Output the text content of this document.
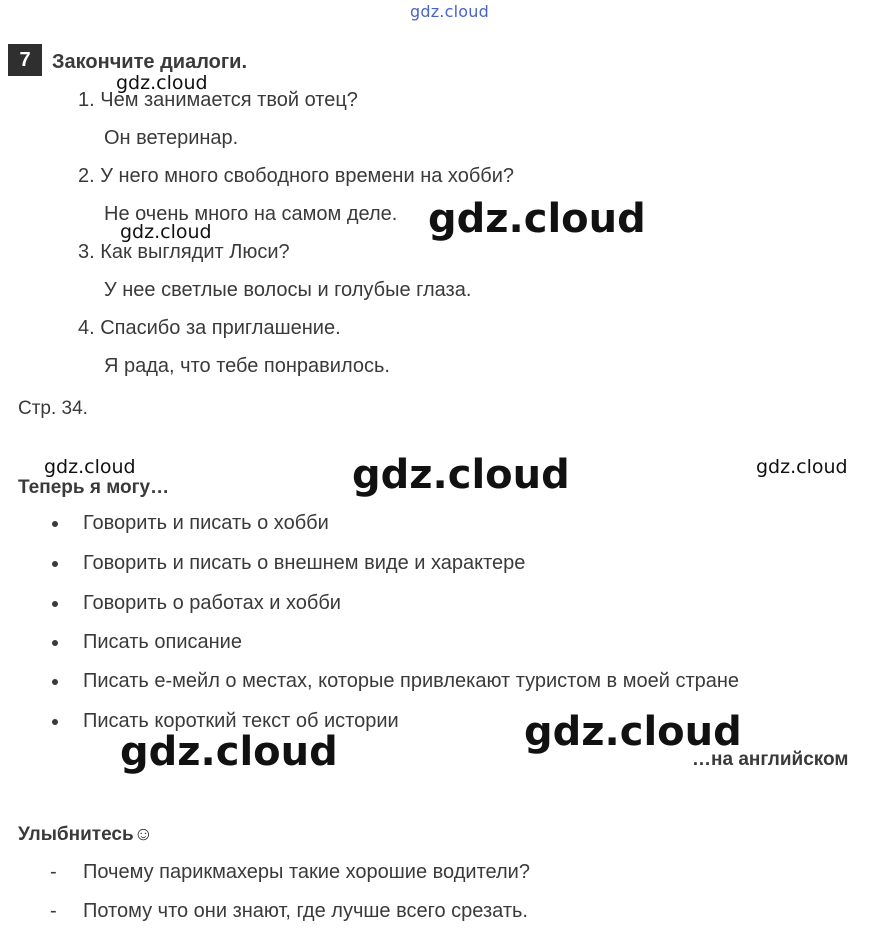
gdz.cloud
7	Закончите диалоги.
gdz.cloud
1. Чем занимается твой отец?
Он ветеринар.
2. У него много свободного времени на хобби?
Не очень много на самом деле.
gdz.cloud	gdz.cloud
3. Как выглядит Люси?
У нее светлые волосы и голубые глаза.
4. Спасибо за приглашение.
Я рада, что тебе понравилось.
Стр. 34.
gdz.cloud	gdz.cloud	gdz.cloud
Теперь я могу…
Говорить и писать о хобби
Говорить и писать о внешнем виде и характере
Говорить о работах и хобби
Писать описание
Писать е-мейл о местах, которые привлекают туристом в моей стране
Писать короткий текст об истории	gdz.cloud
gdz.cloud	…на английском
Улыбнитесь☺
- Почему парикмахеры такие хорошие водители?
- Потому что они знают, где лучше всего срезать.
